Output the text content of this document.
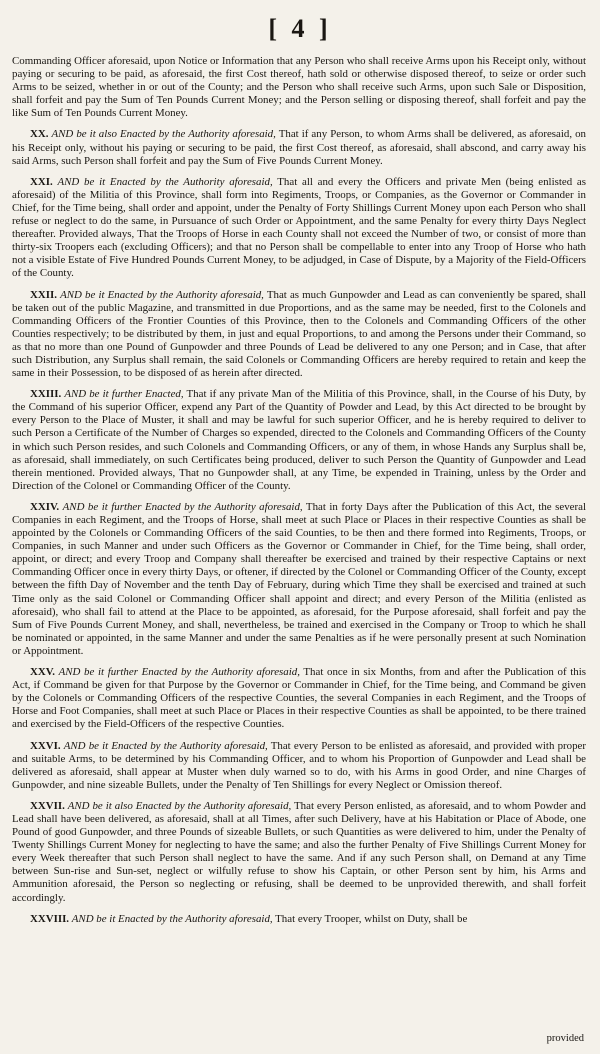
[ 4 ]

Commanding Officer aforesaid, upon Notice or Information that any Person who shall receive Arms upon his Receipt only, without paying or securing to be paid, as aforesaid, the first Cost thereof, hath sold or otherwise disposed thereof, to seize or order such Arms to be seized, whether in or out of the County; and the Person who shall receive such Arms, upon such Sale or Disposition, shall forfeit and pay the Sum of Ten Pounds Current Money; and the Person selling or disposing thereof, shall forfeit and pay the like Sum of Ten Pounds Current Money.

XX. AND be it also Enacted by the Authority aforesaid, That if any Person, to whom Arms shall be delivered, as aforesaid, on his Receipt only, without his paying or securing to be paid, the first Cost thereof, as aforesaid, shall abscond, and carry away his said Arms, such Person shall forfeit and pay the Sum of Five Pounds Current Money.

XXI. AND be it Enacted by the Authority aforesaid, That all and every the Officers and private Men (being enlisted as aforesaid) of the Militia of this Province, shall form into Regiments, Troops, or Companies, as the Governor or Commander in Chief, for the Time being, shall order and appoint, under the Penalty of Forty Shillings Current Money upon each Person who shall refuse or neglect to do the same, in Pursuance of such Order or Appointment, and the same Penalty for every thirty Days Neglect thereafter. Provided always, That the Troops of Horse in each County shall not exceed the Number of two, or consist of more than thirty-six Troopers each (excluding Officers); and that no Person shall be compellable to enter into any Troop of Horse who hath not a visible Estate of Five Hundred Pounds Current Money, to be adjudged, in Case of Dispute, by a Majority of the Field-Officers of the County.

XXII. AND be it Enacted by the Authority aforesaid, That as much Gunpowder and Lead as can conveniently be spared, shall be taken out of the public Magazine, and transmitted in due Proportions, and as the same may be needed, first to the Colonels and Commanding Officers of the Frontier Counties of this Province, then to the Colonels and Commanding Officers of the other Counties respectively; to be distributed by them, in just and equal Proportions, to and among the Persons under their Command, so as that no more than one Pound of Gunpowder and three Pounds of Lead be delivered to any one Person; and in Case, that after such Distribution, any Surplus shall remain, the said Colonels or Commanding Officers are hereby required to retain and keep the same in their Possession, to be disposed of as herein after directed.

XXIII. AND be it further Enacted, That if any private Man of the Militia of this Province, shall, in the Course of his Duty, by the Command of his superior Officer, expend any Part of the Quantity of Powder and Lead, by this Act directed to be brought by every Person to the Place of Muster, it shall and may be lawful for such superior Officer, and he is hereby required to deliver to such Person a Certificate of the Number of Charges so expended, directed to the Colonels and Commanding Officers of the County in which such Person resides, and such Colonels and Commanding Officers, or any of them, in whose Hands any Surplus shall be, as aforesaid, shall immediately, on such Certificates being produced, deliver to such Person the Quantity of Gunpowder and Lead therein mentioned. Provided always, That no Gunpowder shall, at any Time, be expended in Training, unless by the Order and Direction of the Colonel or Commanding Officer of the County.

XXIV. AND be it further Enacted by the Authority aforesaid, That in forty Days after the Publication of this Act, the several Companies in each Regiment, and the Troops of Horse, shall meet at such Place or Places in their respective Counties as shall be appointed by the Colonels or Commanding Officers of the said Counties, to be then and there formed into Regiments, Troops, or Companies, in such Manner and under such Officers as the Governor or Commander in Chief, for the Time being, shall order, appoint, or direct; and every Troop and Company shall thereafter be exercised and trained by their respective Captains or next Commanding Officer once in every thirty Days, or oftener, if directed by the Colonel or Commanding Officer of the County, except between the fifth Day of November and the tenth Day of February, during which Time they shall be exercised and trained at such Time only as the said Colonel or Commanding Officer shall appoint and direct; and every Person of the Militia (enlisted as aforesaid), who shall fail to attend at the Place to be appointed, as aforesaid, for the Purpose aforesaid, shall forfeit and pay the Sum of Five Pounds Current Money, and shall, nevertheless, be trained and exercised in the Company or Troop to which he shall be nominated or appointed, in the same Manner and under the same Penalties as if he were personally present at such Nomination or Appointment.

XXV. AND be it further Enacted by the Authority aforesaid, That once in six Months, from and after the Publication of this Act, if Command be given for that Purpose by the Governor or Commander in Chief, for the Time being, and Command be given by the Colonels or Commanding Officers of the respective Counties, the several Companies in each Regiment, and the Troops of Horse and Foot Companies, shall meet at such Place or Places in their respective Counties as shall be appointed, to be there trained and exercised by the Field-Officers of the respective Counties.

XXVI. AND be it Enacted by the Authority aforesaid, That every Person to be enlisted as aforesaid, and provided with proper and suitable Arms, to be determined by his Commanding Officer, and to whom his Proportion of Gunpowder and Lead shall be delivered as aforesaid, shall appear at Muster when duly warned so to do, with his Arms in good Order, and nine Charges of Gunpowder, and nine sizeable Bullets, under the Penalty of Ten Shillings for every Neglect or Omission thereof.

XXVII. AND be it also Enacted by the Authority aforesaid, That every Person enlisted, as aforesaid, and to whom Powder and Lead shall have been delivered, as aforesaid, shall at all Times, after such Delivery, have at his Habitation or Place of Abode, one Pound of good Gunpowder, and three Pounds of sizeable Bullets, or such Quantities as were delivered to him, under the Penalty of Twenty Shillings Current Money for neglecting to have the same; and also the further Penalty of Five Shillings Current Money for every Week thereafter that such Person shall neglect to have the same. And if any such Person shall, on Demand at any Time between Sun-rise and Sun-set, neglect or wilfully refuse to show his Captain, or other Person sent by him, his Arms and Ammunition aforesaid, the Person so neglecting or refusing, shall be deemed to be unprovided therewith, and shall forfeit accordingly.

XXVIII. AND be it Enacted by the Authority aforesaid, That every Trooper, whilst on Duty, shall be

provided
